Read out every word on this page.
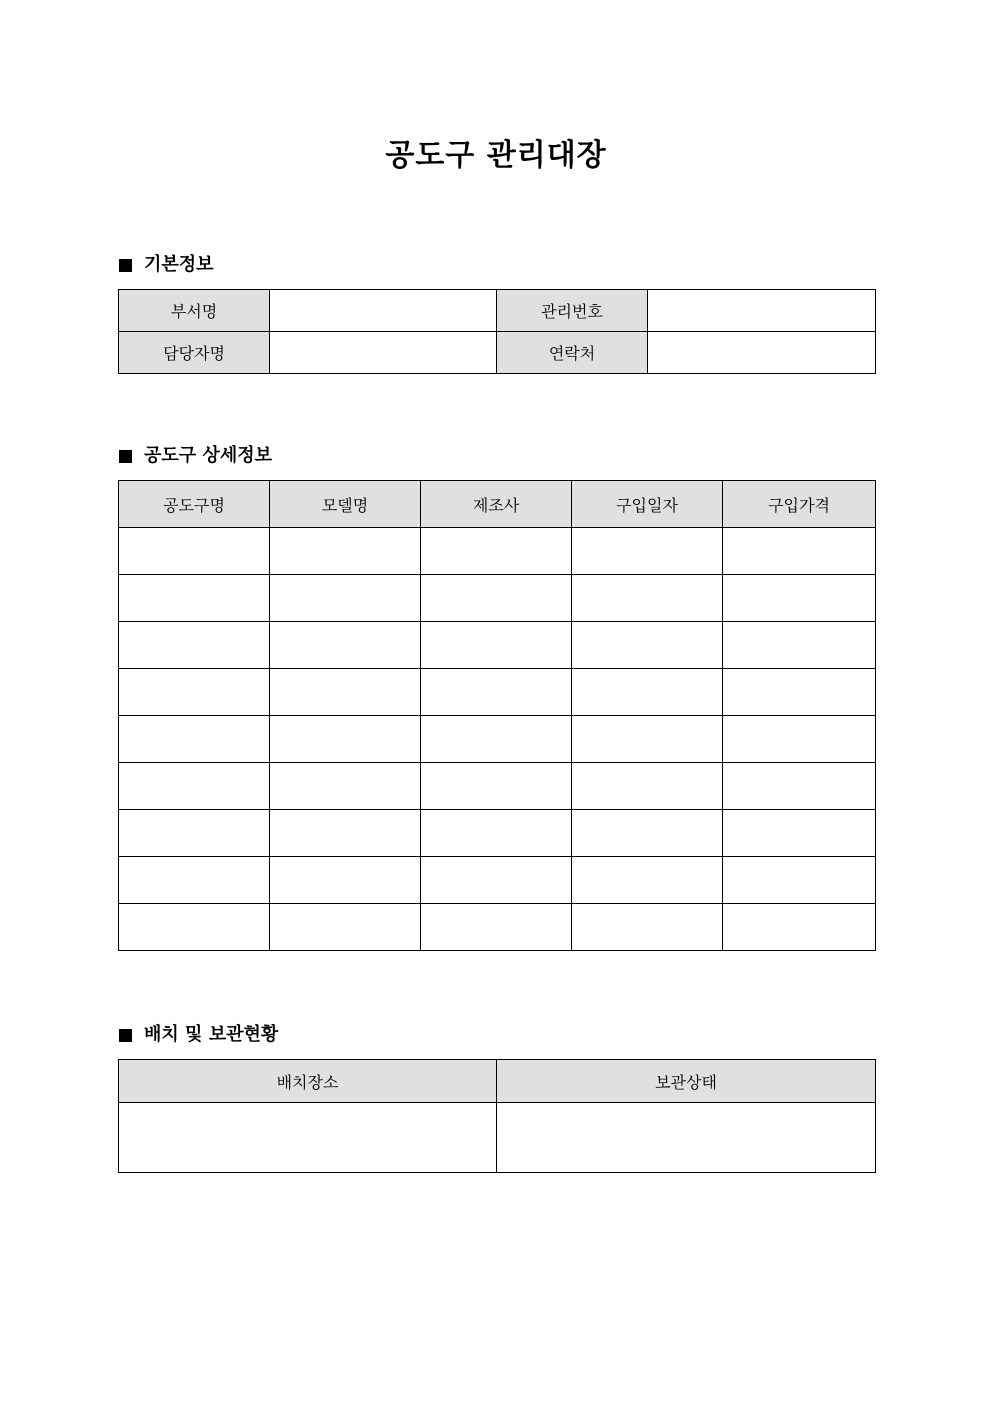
공도구 관리대장
기본정보
부서명		관리번호	
담당자명		연락처	
공도구 상세정보
공도구명	모델명	제조사	구입일자	구입가격

배치 및 보관현황
배치장소	보관상태
